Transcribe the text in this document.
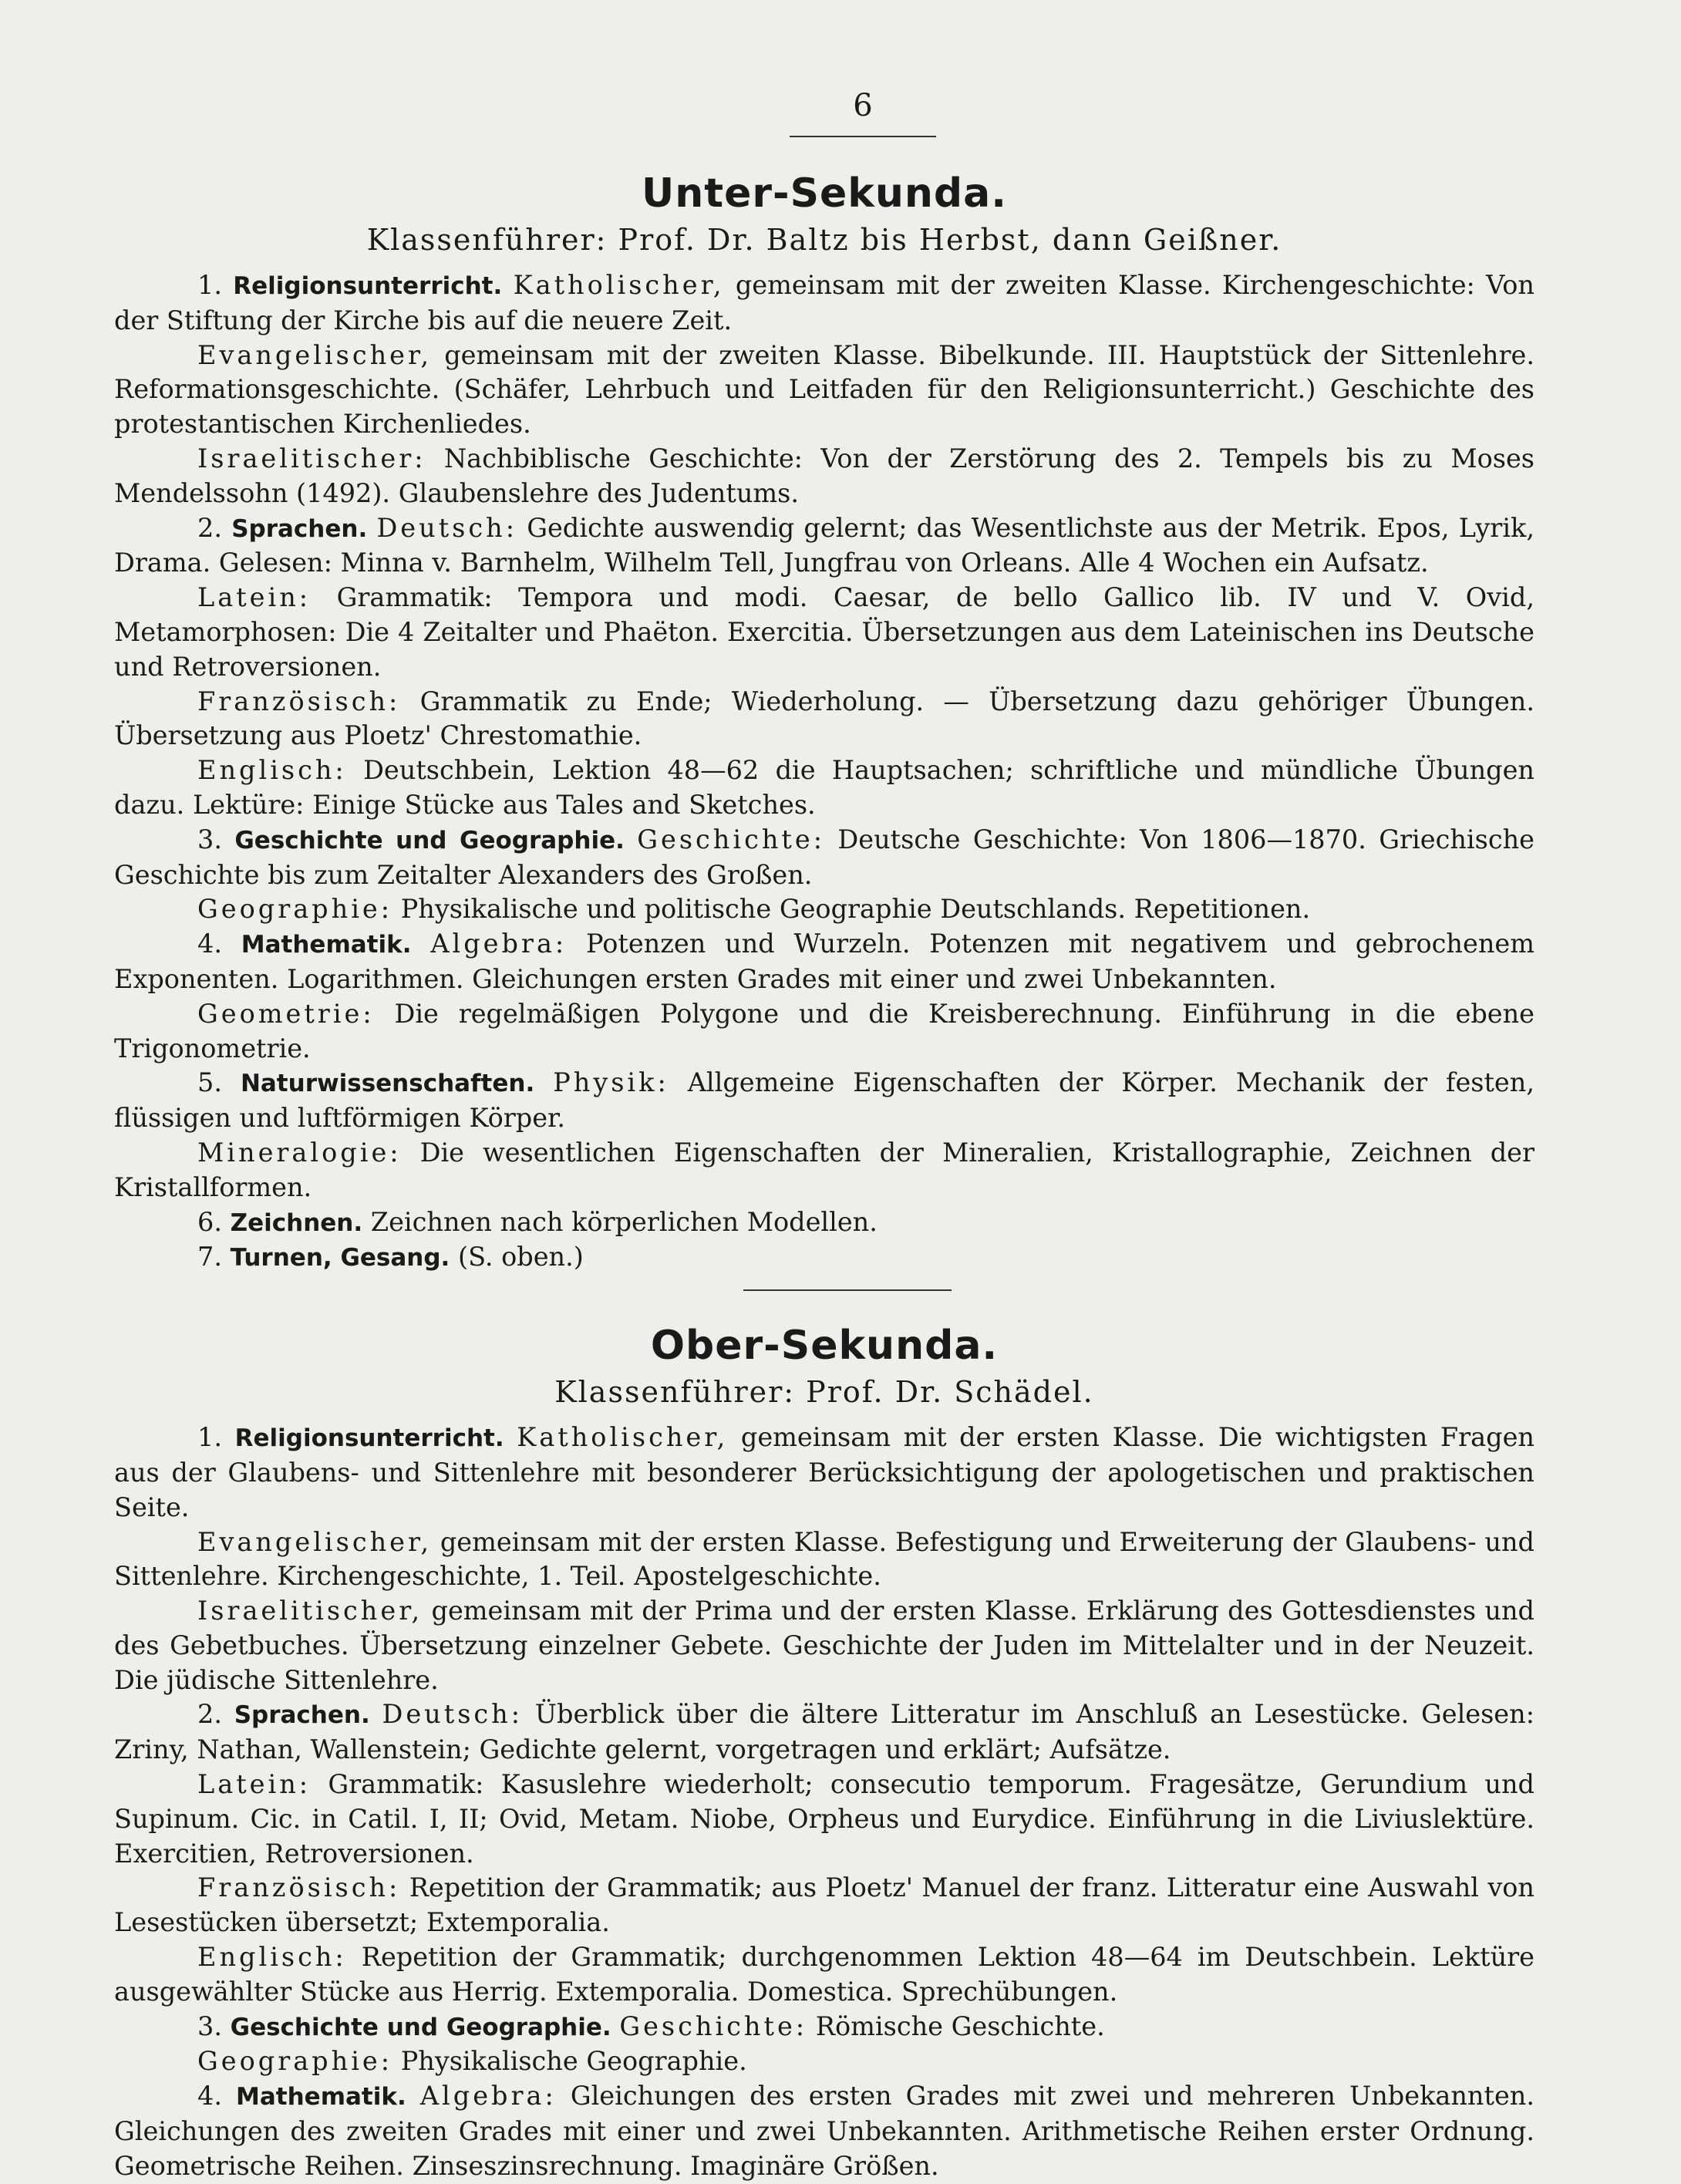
6
Unter-Sekunda.
Klassenführer: Prof. Dr. Baltz bis Herbst, dann Geißner.

1. Religionsunterricht. Katholischer, gemeinsam mit der zweiten Klasse. Kirchengeschichte: Von der Stiftung der Kirche bis auf die neuere Zeit.

Evangelischer, gemeinsam mit der zweiten Klasse. Bibelkunde. III. Hauptstück der Sittenlehre. Reformationsgeschichte. (Schäfer, Lehrbuch und Leitfaden für den Religionsunterricht.) Geschichte des protestantischen Kirchenliedes.

Israelitischer: Nachbiblische Geschichte: Von der Zerstörung des 2. Tempels bis zu Moses Mendelssohn (1492). Glaubenslehre des Judentums.

2. Sprachen. Deutsch: Gedichte auswendig gelernt; das Wesentlichste aus der Metrik. Epos, Lyrik, Drama. Gelesen: Minna v. Barnhelm, Wilhelm Tell, Jungfrau von Orleans. Alle 4 Wochen ein Aufsatz.

Latein: Grammatik: Tempora und modi. Caesar, de bello Gallico lib. IV und V. Ovid, Metamorphosen: Die 4 Zeitalter und Phaëton. Exercitia. Übersetzungen aus dem Lateinischen ins Deutsche und Retroversionen.

Französisch: Grammatik zu Ende; Wiederholung. — Übersetzung dazu gehöriger Übungen. Übersetzung aus Ploetz' Chrestomathie.

Englisch: Deutschbein, Lektion 48—62 die Hauptsachen; schriftliche und mündliche Übungen dazu. Lektüre: Einige Stücke aus Tales and Sketches.

3. Geschichte und Geographie. Geschichte: Deutsche Geschichte: Von 1806—1870. Griechische Geschichte bis zum Zeitalter Alexanders des Großen.

Geographie: Physikalische und politische Geographie Deutschlands. Repetitionen.

4. Mathematik. Algebra: Potenzen und Wurzeln. Potenzen mit negativem und gebrochenem Exponenten. Logarithmen. Gleichungen ersten Grades mit einer und zwei Unbekannten.

Geometrie: Die regelmäßigen Polygone und die Kreisberechnung. Einführung in die ebene Trigonometrie.

5. Naturwissenschaften. Physik: Allgemeine Eigenschaften der Körper. Mechanik der festen, flüssigen und luftförmigen Körper.

Mineralogie: Die wesentlichen Eigenschaften der Mineralien, Kristallographie, Zeichnen der Kristallformen.

6. Zeichnen. Zeichnen nach körperlichen Modellen.

7. Turnen, Gesang. (S. oben.)

Ober-Sekunda.
Klassenführer: Prof. Dr. Schädel.

1. Religionsunterricht. Katholischer, gemeinsam mit der ersten Klasse. Die wichtigsten Fragen aus der Glaubens- und Sittenlehre mit besonderer Berücksichtigung der apologetischen und praktischen Seite.

Evangelischer, gemeinsam mit der ersten Klasse. Befestigung und Erweiterung der Glaubens- und Sittenlehre. Kirchengeschichte, 1. Teil. Apostelgeschichte.

Israelitischer, gemeinsam mit der Prima und der ersten Klasse. Erklärung des Gottesdienstes und des Gebetbuches. Übersetzung einzelner Gebete. Geschichte der Juden im Mittelalter und in der Neuzeit. Die jüdische Sittenlehre.

2. Sprachen. Deutsch: Überblick über die ältere Litteratur im Anschluß an Lesestücke. Gelesen: Zriny, Nathan, Wallenstein; Gedichte gelernt, vorgetragen und erklärt; Aufsätze.

Latein: Grammatik: Kasuslehre wiederholt; consecutio temporum. Fragesätze, Gerundium und Supinum. Cic. in Catil. I, II; Ovid, Metam. Niobe, Orpheus und Eurydice. Einführung in die Liviuslektüre. Exercitien, Retroversionen.

Französisch: Repetition der Grammatik; aus Ploetz' Manuel der franz. Litteratur eine Auswahl von Lesestücken übersetzt; Extemporalia.

Englisch: Repetition der Grammatik; durchgenommen Lektion 48—64 im Deutschbein. Lektüre ausgewählter Stücke aus Herrig. Extemporalia. Domestica. Sprechübungen.

3. Geschichte und Geographie. Geschichte: Römische Geschichte.

Geographie: Physikalische Geographie.

4. Mathematik. Algebra: Gleichungen des ersten Grades mit zwei und mehreren Unbekannten. Gleichungen des zweiten Grades mit einer und zwei Unbekannten. Arithmetische Reihen erster Ordnung. Geometrische Reihen. Zinseszinsrechnung. Imaginäre Größen.
